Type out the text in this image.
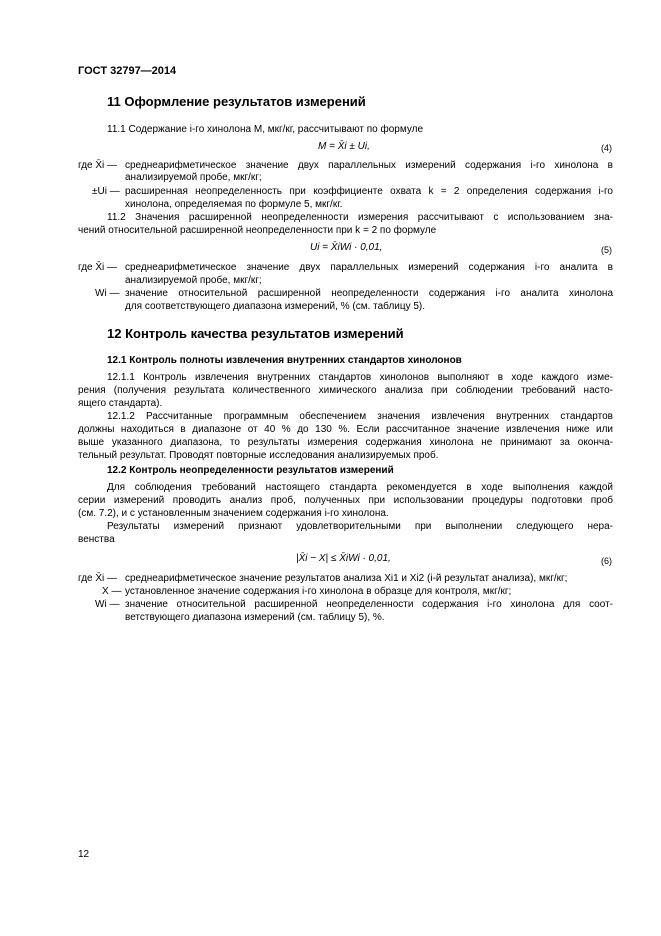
ГОСТ 32797—2014
11 Оформление результатов измерений
11.1 Содержание i-го хинолона M, мкг/кг, рассчитывают по формуле
M = X̄i ± Ui,	(4)
где X̄i — среднеарифметическое значение двух параллельных измерений содержания i-го хинолона в
анализируемой пробе, мкг/кг;
±Ui — расширенная неопределенность при коэффициенте охвата k = 2 определения содержания i-го
хинолона, определяемая по формуле 5, мкг/кг.
11.2 Значения расширенной неопределенности измерения рассчитывают с использованием зна-
чений относительной расширенной неопределенности при k = 2 по формуле
Ui = X̄iWi · 0,01,	(5)
где X̄i — среднеарифметическое значение двух параллельных измерений содержания i-го аналита в
анализируемой пробе, мкг/кг;
Wi — значение относительной расширенной неопределенности содержания i-го аналита хинолона
для соответствующего диапазона измерений, % (см. таблицу 5).
12 Контроль качества результатов измерений
12.1 Контроль полноты извлечения внутренних стандартов хинолонов
12.1.1 Контроль извлечения внутренних стандартов хинолонов выполняют в ходе каждого изме-
рения (получения результата количественного химического анализа при соблюдении требований насто-
ящего стандарта).
12.1.2 Рассчитанные программным обеспечением значения извлечения внутренних стандартов
должны находиться в диапазоне от 40 % до 130 %. Если рассчитанное значение извлечения ниже или
выше указанного диапазона, то результаты измерения содержания хинолона не принимают за оконча-
тельный результат. Проводят повторные исследования анализируемых проб.
12.2 Контроль неопределенности результатов измерений
Для соблюдения требований настоящего стандарта рекомендуется в ходе выполнения каждой
серии измерений проводить анализ проб, полученных при использовании процедуры подготовки проб
(см. 7.2), и с установленным значением содержания i-го хинолона.
Результаты измерений признают удовлетворительными при выполнении следующего нера-
венства
|X̄i − X| ≤ X̄iWi · 0,01,	(6)
где X̄i — среднеарифметическое значение результатов анализа Xi1 и Xi2 (i-й результат анализа), мкг/кг;
X — установленное значение содержания i-го хинолона в образце для контроля, мкг/кг;
Wi — значение относительной расширенной неопределенности содержания i-го хинолона для соот-
ветствующего диапазона измерений (см. таблицу 5), %.
12
